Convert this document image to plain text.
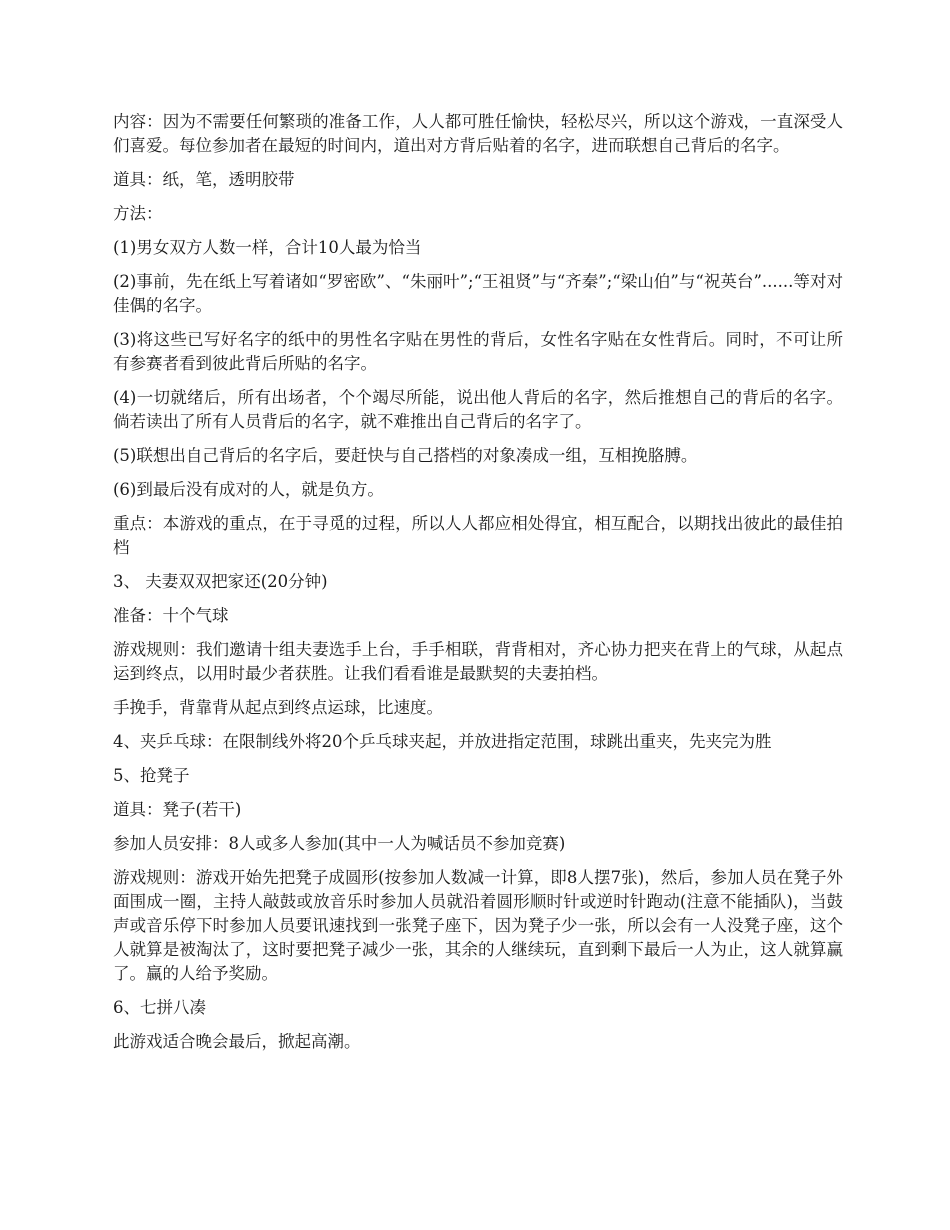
内容：因为不需要任何繁琐的准备工作，人人都可胜任愉快，轻松尽兴，所以这个游戏，一直深受人们喜爱。每位参加者在最短的时间内，道出对方背后贴着的名字，进而联想自己背后的名字。

道具：纸，笔，透明胶带

方法：

(1)男女双方人数一样，合计10人最为恰当

(2)事前，先在纸上写着诸如“罗密欧”、“朱丽叶”;“王祖贤”与“齐秦”;“梁山伯”与“祝英台”......等对对佳偶的名字。

(3)将这些已写好名字的纸中的男性名字贴在男性的背后，女性名字贴在女性背后。同时，不可让所有参赛者看到彼此背后所贴的名字。

(4)一切就绪后，所有出场者，个个竭尽所能，说出他人背后的名字，然后推想自己的背后的名字。倘若读出了所有人员背后的名字，就不难推出自己背后的名字了。

(5)联想出自己背后的名字后，要赶快与自己搭档的对象凑成一组，互相挽胳膊。

(6)到最后没有成对的人，就是负方。

重点：本游戏的重点，在于寻觅的过程，所以人人都应相处得宜，相互配合，以期找出彼此的最佳拍档

3、 夫妻双双把家还(20分钟)

准备：十个气球

游戏规则：我们邀请十组夫妻选手上台，手手相联，背背相对，齐心协力把夹在背上的气球，从起点运到终点，以用时最少者获胜。让我们看看谁是最默契的夫妻拍档。

手挽手，背靠背从起点到终点运球，比速度。

4、夹乒乓球：在限制线外将20个乒乓球夹起，并放进指定范围，球跳出重夹，先夹完为胜

5、抢凳子

道具：凳子(若干)

参加人员安排：8人或多人参加(其中一人为喊话员不参加竞赛)

游戏规则：游戏开始先把凳子成圆形(按参加人数减一计算，即8人摆7张)，然后，参加人员在凳子外面围成一圈，主持人敲鼓或放音乐时参加人员就沿着圆形顺时针或逆时针跑动(注意不能插队)，当鼓声或音乐停下时参加人员要讯速找到一张凳子座下，因为凳子少一张，所以会有一人没凳子座，这个人就算是被淘汰了，这时要把凳子减少一张，其余的人继续玩，直到剩下最后一人为止，这人就算赢了。赢的人给予奖励。

6、七拼八凑

此游戏适合晚会最后，掀起高潮。
